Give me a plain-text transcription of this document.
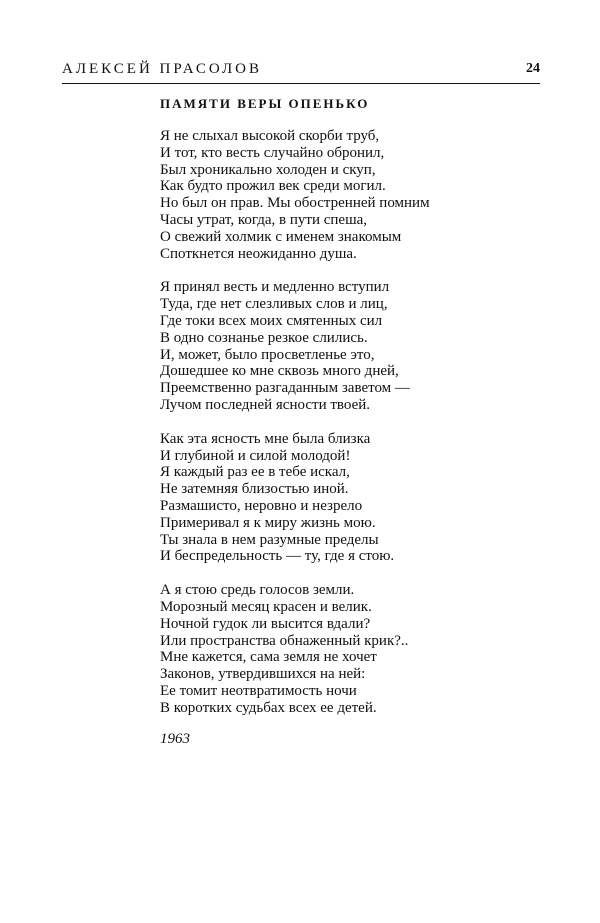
АЛЕКСЕЙ ПРАСОЛОВ	24
ПАМЯТИ ВЕРЫ ОПЕНЬКО
Я не слыхал высокой скорби труб,
И тот, кто весть случайно обронил,
Был хроникально холоден и скуп,
Как будто прожил век среди могил.
Но был он прав. Мы обостренней помним
Часы утрат, когда, в пути спеша,
О свежий холмик с именем знакомым
Споткнется неожиданно душа.
Я принял весть и медленно вступил
Туда, где нет слезливых слов и лиц,
Где токи всех моих смятенных сил
В одно сознанье резкое слились.
И, может, было просветленье это,
Дошедшее ко мне сквозь много дней,
Преемственно разгаданным заветом —
Лучом последней ясности твоей.
Как эта ясность мне была близка
И глубиной и силой молодой!
Я каждый раз ее в тебе искал,
Не затемняя близостью иной.
Размашисто, неровно и незрело
Примеривал я к миру жизнь мою.
Ты знала в нем разумные пределы
И беспредельность — ту, где я стою.
А я стою средь голосов земли.
Морозный месяц красен и велик.
Ночной гудок ли высится вдали?
Или пространства обнаженный крик?..
Мне кажется, сама земля не хочет
Законов, утвердившихся на ней:
Ее томит неотвратимость ночи
В коротких судьбах всех ее детей.
1963
